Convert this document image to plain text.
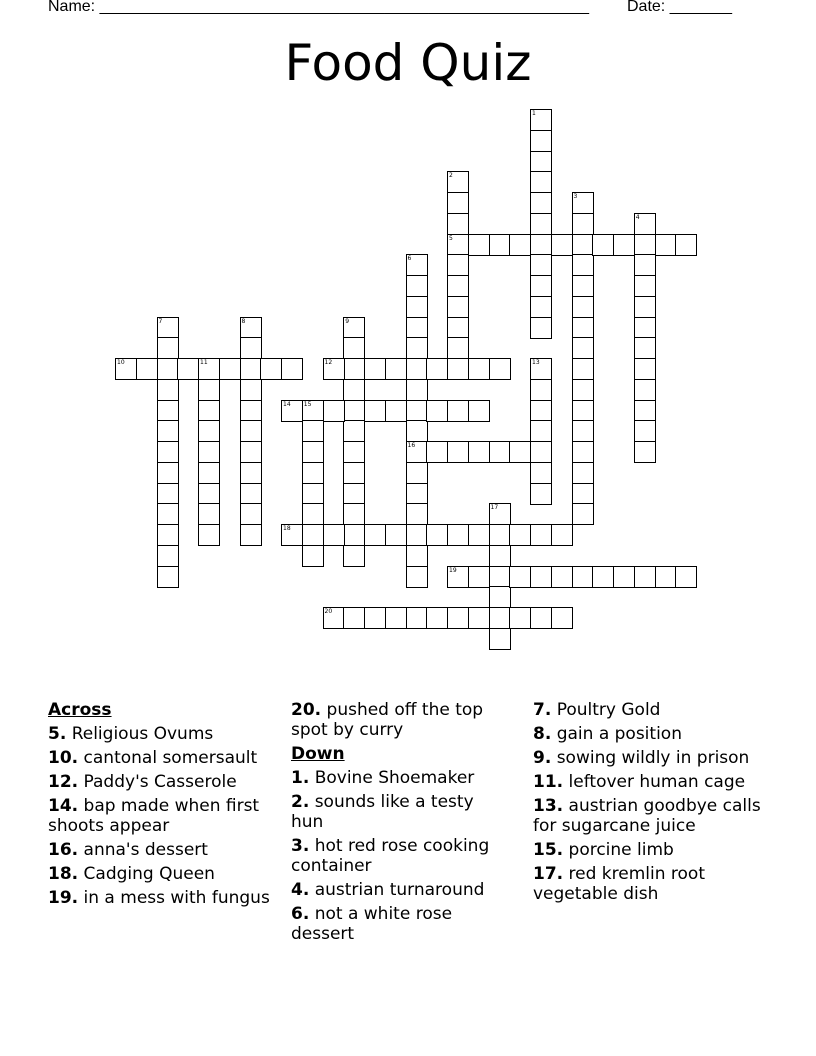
Name: _______________________________________________________ Date: _______
Food Quiz
1
2
3
4
5
6
7	8	9
10	11	12	13
14 15
16
17
18
19
20
Across
5. Religious Ovums
10. cantonal somersault
12. Paddy's Casserole
14. bap made when first shoots appear
16. anna's dessert
18. Cadging Queen
19. in a mess with fungus
20. pushed off the top spot by curry
Down
1. Bovine Shoemaker
2. sounds like a testy hun
3. hot red rose cooking container
4. austrian turnaround
6. not a white rose dessert
7. Poultry Gold
8. gain a position
9. sowing wildly in prison
11. leftover human cage
13. austrian goodbye calls for sugarcane juice
15. porcine limb
17. red kremlin root vegetable dish
